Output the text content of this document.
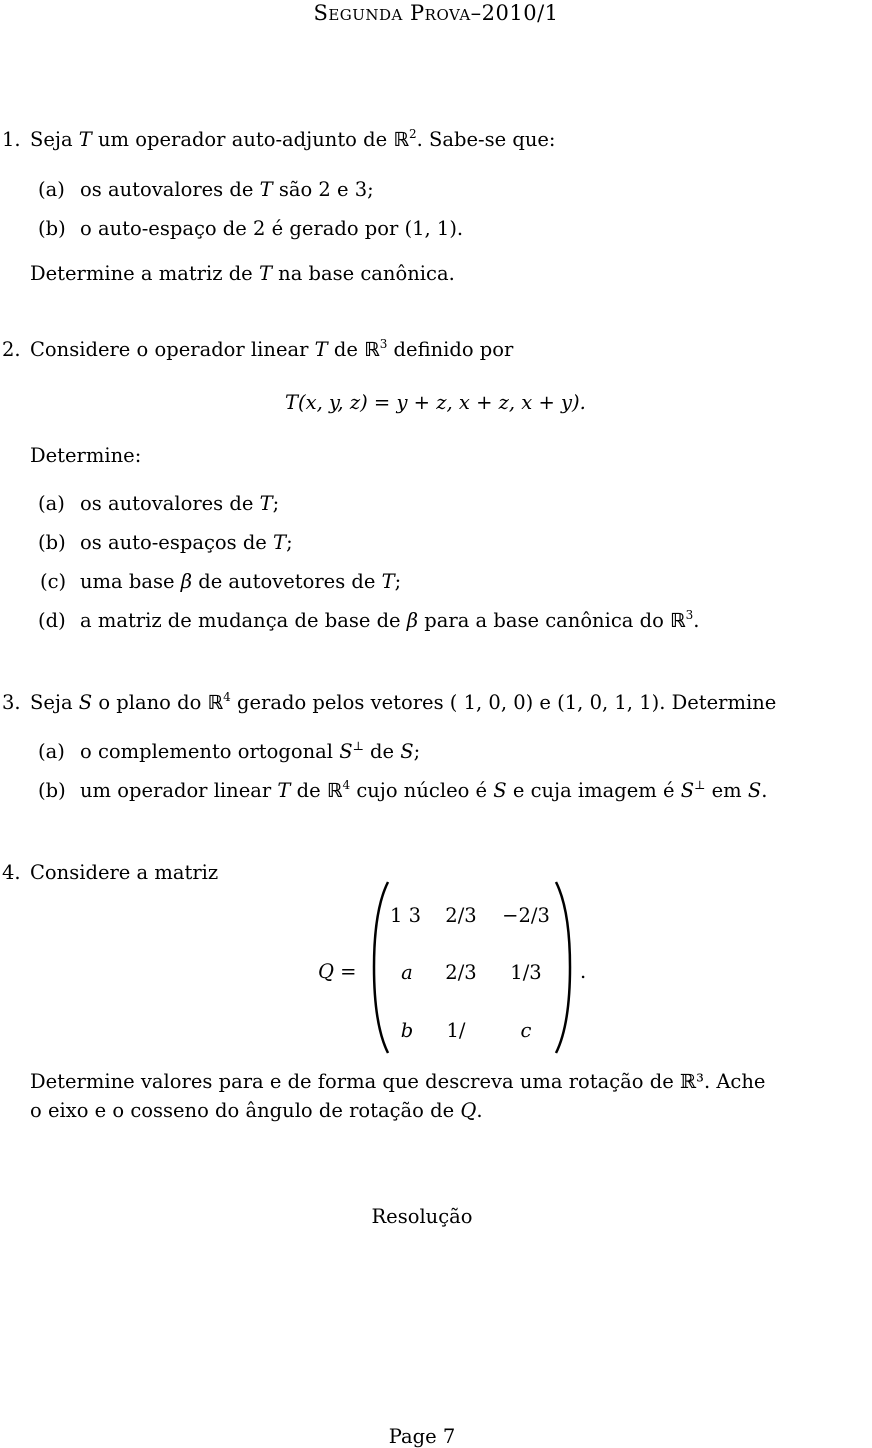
Segunda Prova–2010/1
1. Seja T um operador auto-adjunto de ℝ$^2$. Sabe-se que:
(a) os autovalores de T são 2 e 3;
(b) o auto-espaço de 2 é gerado por (1, 1).
Determine a matriz de T na base canônica.
2. Considere o operador linear T de ℝ$^3$ definido por
T(x, y, z) = y + z, x + z, x + y).
Determine:
(a) os autovalores de T;
(b) os auto-espaços de T;
(c) uma base β de autovetores de T;
(d) a matriz de mudança de base de β para a base canônica do ℝ$^3$.
3. Seja S o plano do ℝ$^4$ gerado pelos vetores ( 1, 0, 0) e (1, 0, 1, 1). Determine
(a) o complemento ortogonal S⊥ de S;
(b) um operador linear T de ℝ$^4$ cujo núcleo é S e cuja imagem é S⊥ em S.
4. Considere a matriz
Q =
1 3	2/3	−2/3
a	2/3	1/3
b	1/	c
.
Determine valores para e de forma que descreva uma rotação de ℝ³. Ache
o eixo e o cosseno do ângulo de rotação de Q.
Resolução
Page 7
